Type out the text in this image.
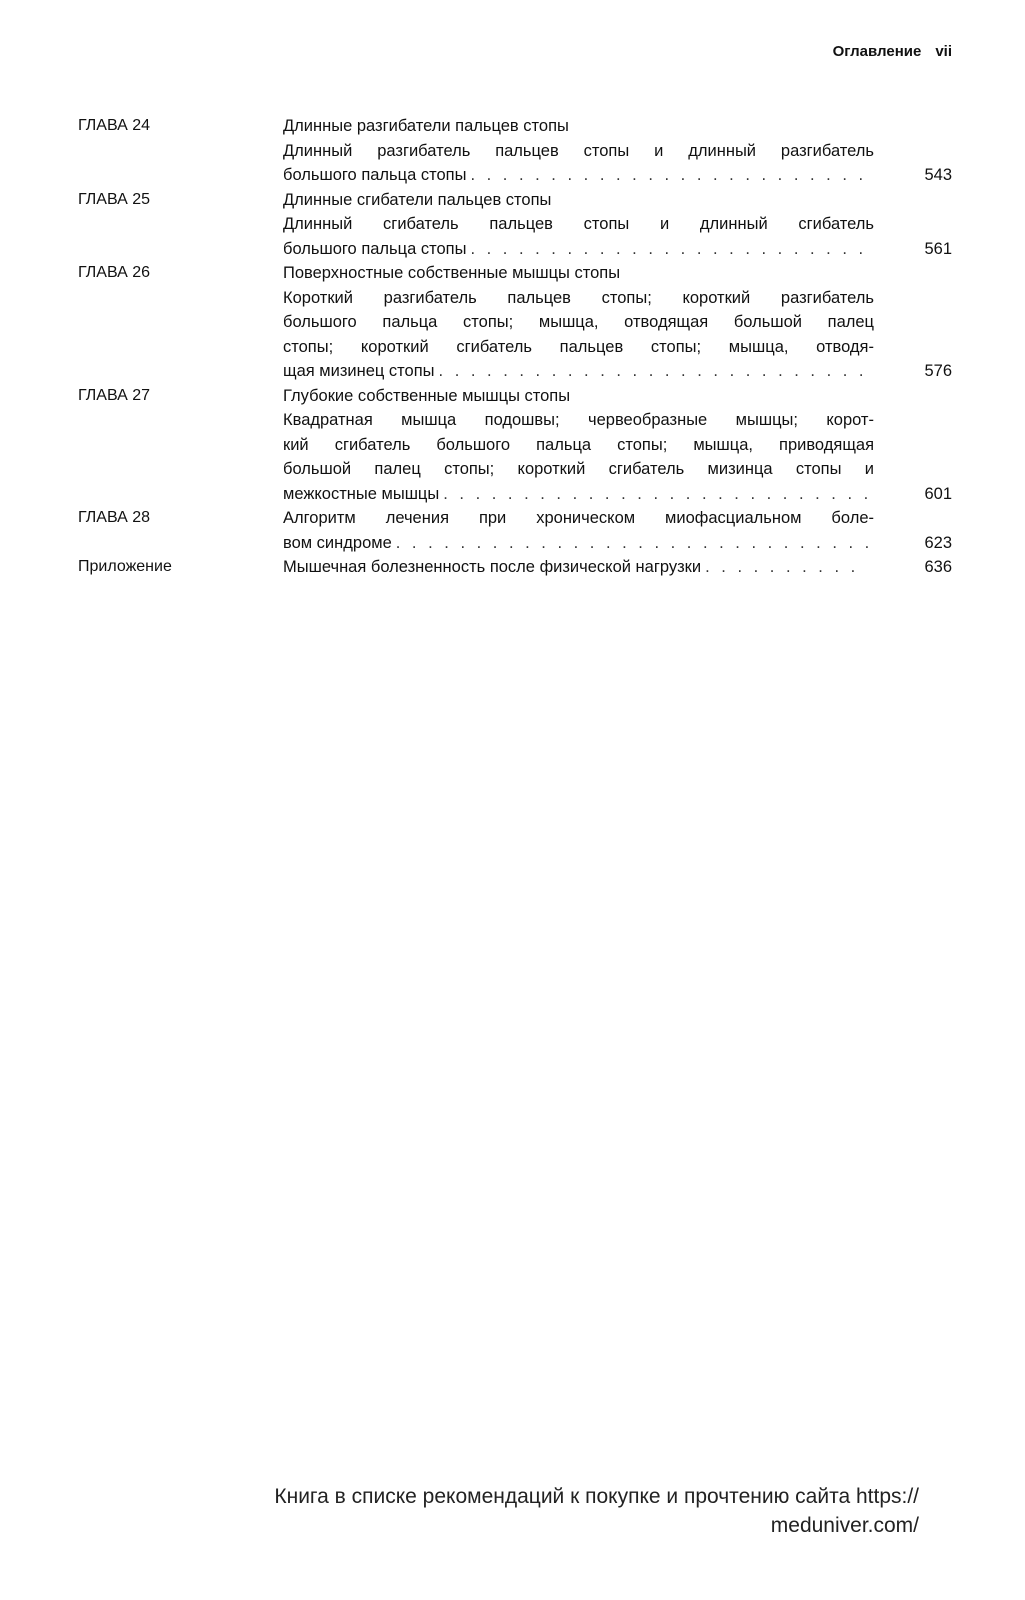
Оглавление vii
ГЛАВА 24	Длинные разгибатели пальцев стопы
Длинный разгибатель пальцев стопы и длинный разгибатель
большого пальца стопы . . .	543
ГЛАВА 25	Длинные сгибатели пальцев стопы
Длинный сгибатель пальцев стопы и длинный сгибатель
большого пальца стопы . . .	561
ГЛАВА 26	Поверхностные собственные мышцы стопы
Короткий разгибатель пальцев стопы; короткий разгибатель
большого пальца стопы; мышца, отводящая большой палец
стопы; короткий сгибатель пальцев стопы; мышца, отводя-
щая мизинец стопы . . .	576
ГЛАВА 27	Глубокие собственные мышцы стопы
Квадратная мышца подошвы; червеобразные мышцы; корот-
кий сгибатель большого пальца стопы; мышца, приводящая
большой палец стопы; короткий сгибатель мизинца стопы и
межкостные мышцы . . .	601
ГЛАВА 28	Алгоритм лечения при хроническом миофасциальном боле-
вом синдроме . . .	623
Приложение	Мышечная болезненность после физической нагрузки . . .	636
Книга в списке рекомендаций к покупке и прочтению сайта https://
meduniver.com/
